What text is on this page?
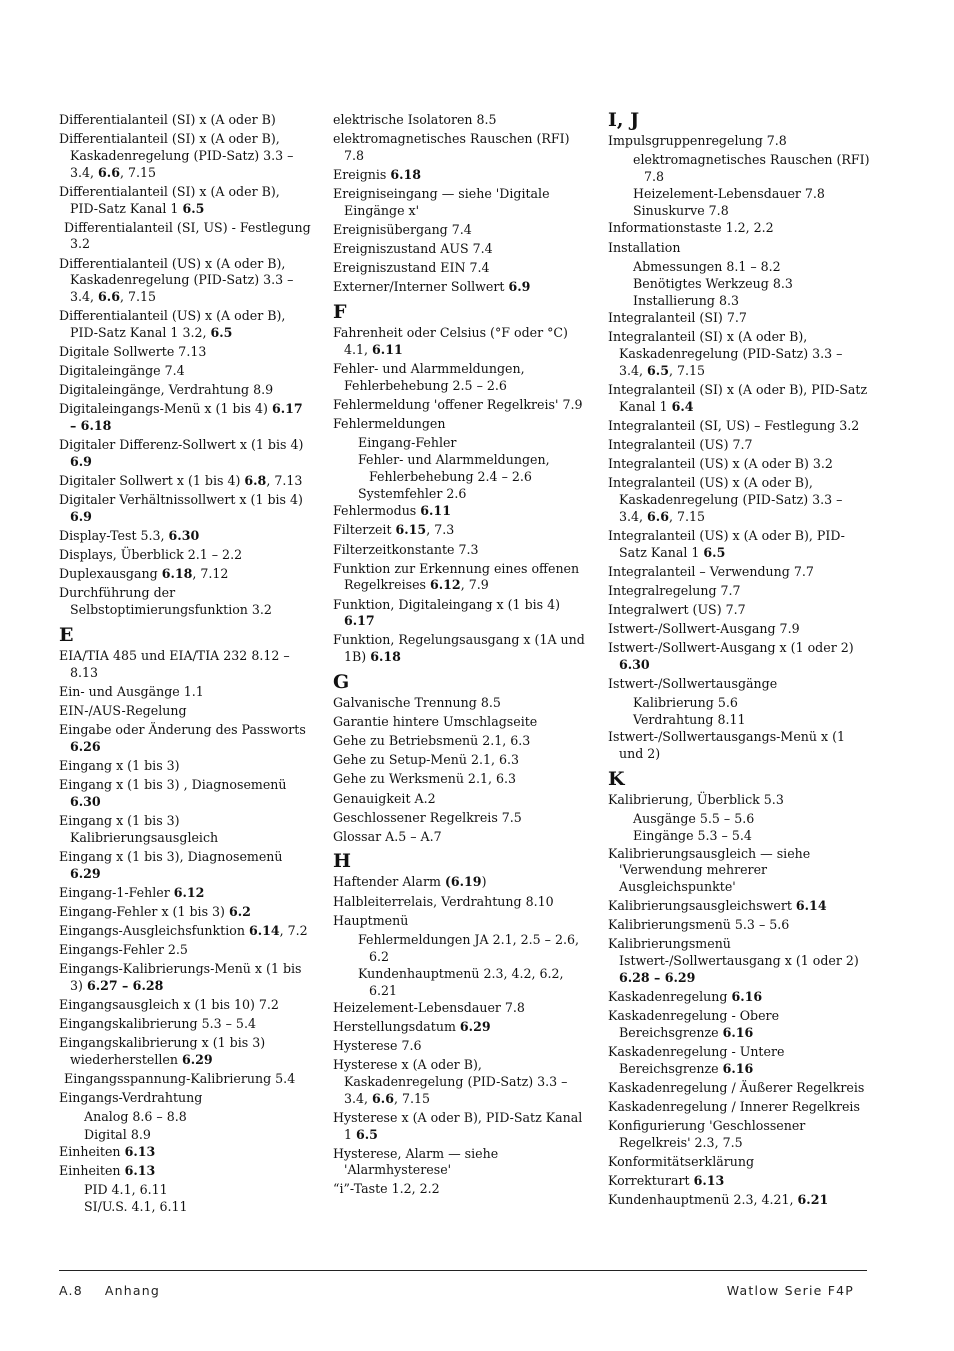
Differentialanteil (SI) x (A oder B)
Differentialanteil (SI) x (A oder B), Kaskadenregelung (PID-Satz) 3.3 – 3.4, 6.6, 7.15
Differentialanteil (SI) x (A oder B), PID-Satz Kanal 1 6.5
Differentialanteil (SI, US) - Festlegung 3.2
Differentialanteil (US) x (A oder B), Kaskadenregelung (PID-Satz) 3.3 – 3.4, 6.6, 7.15
Differentialanteil (US) x (A oder B), PID-Satz Kanal 1 3.2, 6.5
Digitale Sollwerte 7.13
Digitaleingänge 7.4
Digitaleingänge, Verdrahtung 8.9
Digitaleingangs-Menü x (1 bis 4) 6.17 – 6.18
Digitaler Differenz-Sollwert x (1 bis 4) 6.9
Digitaler Sollwert x (1 bis 4) 6.8, 7.13
Digitaler Verhältnissollwert x (1 bis 4) 6.9
Display-Test 5.3, 6.30
Displays, Überblick 2.1 – 2.2
Duplexausgang 6.18, 7.12
Durchführung der Selbstoptimierungsfunktion 3.2
E
EIA/TIA 485 und EIA/TIA 232 8.12 – 8.13
Ein- und Ausgänge 1.1
EIN-/AUS-Regelung
Eingabe oder Änderung des Passworts 6.26
Eingang x (1 bis 3)
Eingang x (1 bis 3) , Diagnosemenü 6.30
Eingang x (1 bis 3) Kalibrierungsausgleich
Eingang x (1 bis 3), Diagnosemenü 6.29
Eingang-1-Fehler 6.12
Eingang-Fehler x (1 bis 3) 6.2
Eingangs-Ausgleichsfunktion 6.14, 7.2
Eingangs-Fehler 2.5
Eingangs-Kalibrierungs-Menü x (1 bis 3) 6.27 – 6.28
Eingangsausgleich x (1 bis 10) 7.2
Eingangskalibrierung 5.3 – 5.4
Eingangskalibrierung x (1 bis 3) wiederherstellen 6.29
Eingangsspannung-Kalibrierung 5.4
Eingangs-Verdrahtung
Analog 8.6 – 8.8
Digital 8.9
Einheiten 6.13
Einheiten 6.13
PID 4.1, 6.11
SI/U.S. 4.1, 6.11
elektrische Isolatoren 8.5
elektromagnetisches Rauschen (RFI) 7.8
Ereignis 6.18
Ereigniseingang — siehe 'Digitale Eingänge x'
Ereignisübergang 7.4
Ereigniszustand AUS 7.4
Ereigniszustand EIN 7.4
Externer/Interner Sollwert 6.9
F
Fahrenheit oder Celsius (°F oder °C) 4.1, 6.11
Fehler- und Alarmmeldungen, Fehlerbehebung 2.5 – 2.6
Fehlermeldung 'offener Regelkreis' 7.9
Fehlermeldungen
Eingang-Fehler
Fehler- und Alarmmeldungen, Fehlerbehebung 2.4 – 2.6
Systemfehler 2.6
Fehlermodus 6.11
Filterzeit 6.15, 7.3
Filterzeitkonstante 7.3
Funktion zur Erkennung eines offenen Regelkreises 6.12, 7.9
Funktion, Digitaleingang x (1 bis 4) 6.17
Funktion, Regelungsausgang x (1A und 1B) 6.18
G
Galvanische Trennung 8.5
Garantie hintere Umschlagseite
Gehe zu Betriebsmenü 2.1, 6.3
Gehe zu Setup-Menü 2.1, 6.3
Gehe zu Werksmenü 2.1, 6.3
Genauigkeit A.2
Geschlossener Regelkreis 7.5
Glossar A.5 – A.7
H
Haftender Alarm (6.19)
Halbleiterrelais, Verdrahtung 8.10
Hauptmenü
Fehlermeldungen JA 2.1, 2.5 – 2.6, 6.2
Kundenhauptmenü 2.3, 4.2, 6.2, 6.21
Heizelement-Lebensdauer 7.8
Herstellungsdatum 6.29
Hysterese 7.6
Hysterese x (A oder B), Kaskadenregelung (PID-Satz) 3.3 – 3.4, 6.6, 7.15
Hysterese x (A oder B), PID-Satz Kanal 1 6.5
Hysterese, Alarm — siehe 'Alarmhysterese'
“i”-Taste 1.2, 2.2
I, J
Impulsgruppenregelung 7.8
elektromagnetisches Rauschen (RFI) 7.8
Heizelement-Lebensdauer 7.8
Sinuskurve 7.8
Informationstaste 1.2, 2.2
Installation
Abmessungen 8.1 – 8.2
Benötigtes Werkzeug 8.3
Installierung 8.3
Integralanteil (SI) 7.7
Integralanteil (SI) x (A oder B), Kaskadenregelung (PID-Satz) 3.3 – 3.4, 6.5, 7.15
Integralanteil (SI) x (A oder B), PID-Satz Kanal 1 6.4
Integralanteil (SI, US) – Festlegung 3.2
Integralanteil (US) 7.7
Integralanteil (US) x (A oder B) 3.2
Integralanteil (US) x (A oder B), Kaskadenregelung (PID-Satz) 3.3 – 3.4, 6.6, 7.15
Integralanteil (US) x (A oder B), PID-Satz Kanal 1 6.5
Integralanteil – Verwendung 7.7
Integralregelung 7.7
Integralwert (US) 7.7
Istwert-/Sollwert-Ausgang 7.9
Istwert-/Sollwert-Ausgang x (1 oder 2) 6.30
Istwert-/Sollwertausgänge
Kalibrierung 5.6
Verdrahtung 8.11
Istwert-/Sollwertausgangs-Menü x (1 und 2)
K
Kalibrierung, Überblick 5.3
Ausgänge 5.5 – 5.6
Eingänge 5.3 – 5.4
Kalibrierungsausgleich — siehe 'Verwendung mehrerer Ausgleichspunkte'
Kalibrierungsausgleichswert 6.14
Kalibrierungsmenü 5.3 – 5.6
Kalibrierungsmenü Istwert-/Sollwertausgang x (1 oder 2) 6.28 – 6.29
Kaskadenregelung 6.16
Kaskadenregelung - Obere Bereichsgrenze 6.16
Kaskadenregelung - Untere Bereichsgrenze 6.16
Kaskadenregelung / Äußerer Regelkreis
Kaskadenregelung / Innerer Regelkreis
Konfigurierung 'Geschlossener Regelkreis' 2.3, 7.5
Konformitätserklärung
Korrekturart 6.13
Kundenhauptmenü 2.3, 4.21, 6.21
A.8 Anhang	Watlow Serie F4P
